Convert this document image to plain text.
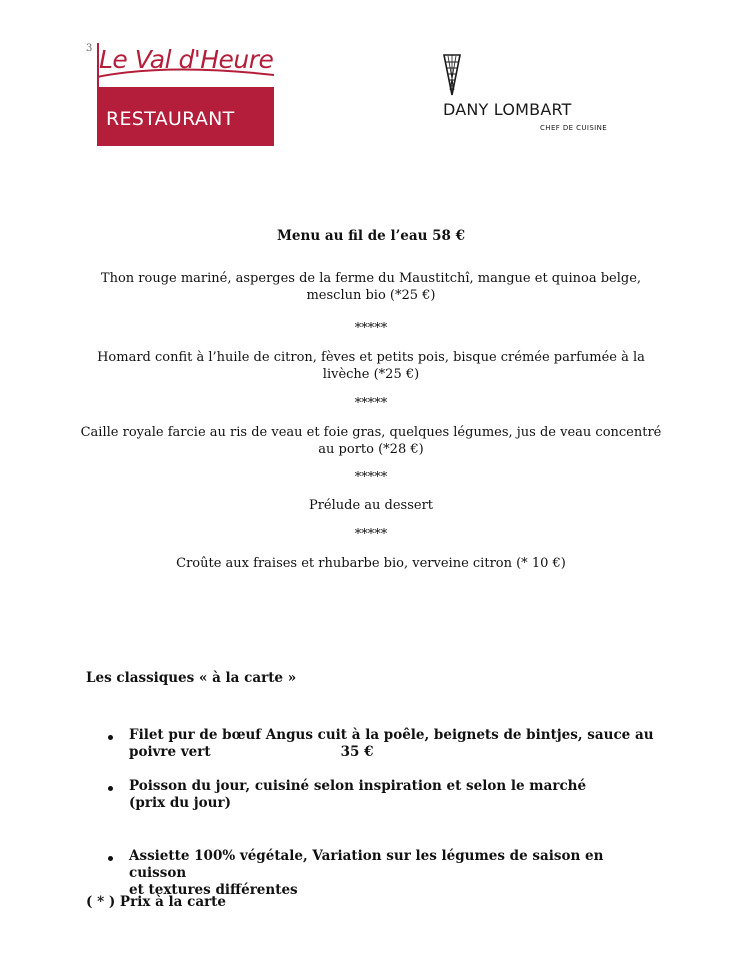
3 Le Val d'Heure
RESTAURANT	DANY LOMBART
CHEF DE CUISINE
Menu au fil de l’eau 58 €
Thon rouge mariné, asperges de la ferme du Maustitchî, mangue et quinoa belge,
mesclun bio (*25 €)
*****
Homard confit à l’huile de citron, fèves et petits pois, bisque crémée parfumée à la
livèche (*25 €)
*****
Caille royale farcie au ris de veau et foie gras, quelques légumes, jus de veau concentré
au porto (*28 €)
*****
Prélude au dessert
*****
Croûte aux fraises et rhubarbe bio, verveine citron (* 10 €)
Les classiques « à la carte »
Filet pur de bœuf Angus cuit à la poêle, beignets de bintjes, sauce au
poivre vert	35 €
Poisson du jour, cuisiné selon inspiration et selon le marché
(prix du jour)
Assiette 100% végétale, Variation sur les légumes de saison en cuisson
et textures différentes
( * ) Prix à la carte
